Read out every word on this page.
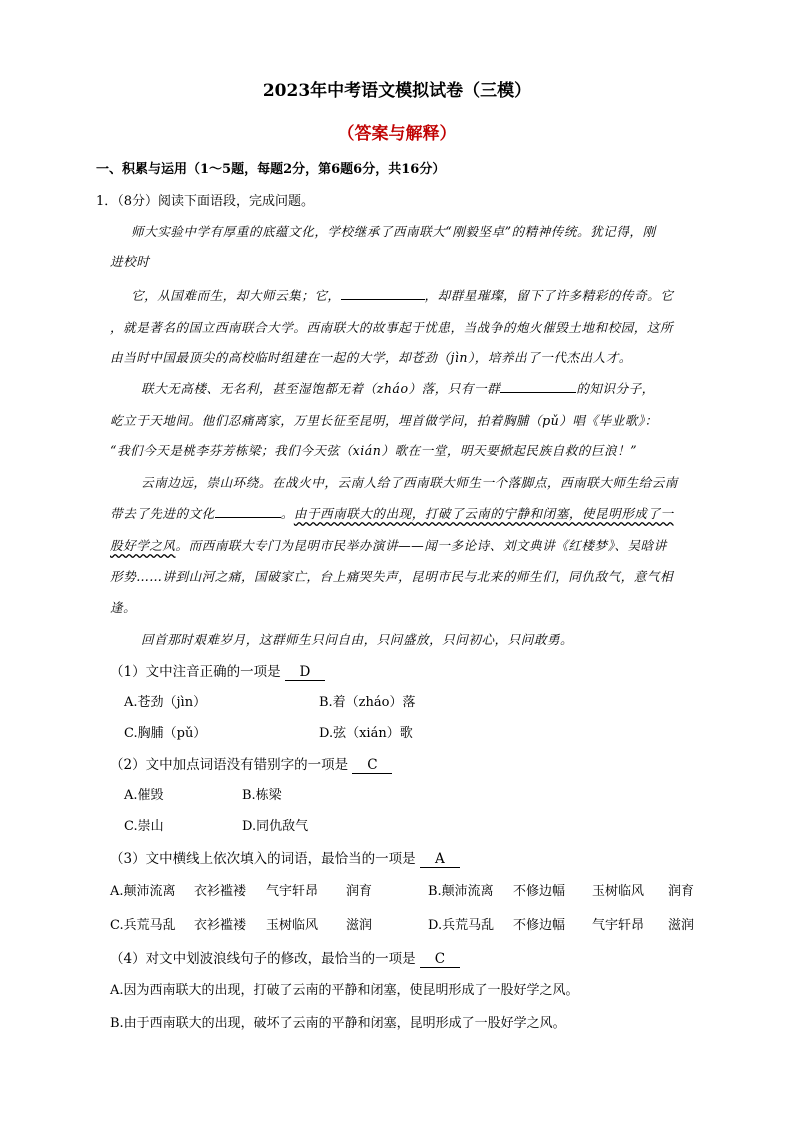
2023年中考语文模拟试卷（三模）
（答案与解释）
一、积累与运用（1～5题，每题2分，第6题6分，共16分）
1．（8分）阅读下面语段，完成问题。
师大实验中学有厚重的底蕴文化，学校继承了西南联大“刚毅坚卓”的精神传统。犹记得，刚
进校时
它，从国难而生，却大师云集；它，	，却群星璀璨，留下了许多精彩的传奇。它
，就是著名的国立西南联合大学。西南联大的故事起于忧患，当战争的炮火催毁土地和校园，这所
由当时中国最顶尖的高校临时组建在一起的大学，却苍劲（jìn），培养出了一代杰出人才。
联大无高楼、无名利，甚至湿饱都无着（zháo）落，只有一群	的知识分子，
屹立于天地间。他们忍痛离家，万里长征至昆明，埋首做学问，拍着胸脯（pǔ）唱《毕业歌》：
“我们今天是桃李芬芳栋梁；我们今天弦（xián）歌在一堂，明天要掀起民族自救的巨浪！”
云南边远，崇山环绕。在战火中，云南人给了西南联大师生一个落脚点，西南联大师生给云南
带去了先进的文化	。由于西南联大的出现，打破了云南的宁静和闭塞，使昆明形成了一
股好学之风。而西南联大专门为昆明市民举办演讲——闻一多论诗、刘文典讲《红楼梦》、吴晗讲
形势……讲到山河之痛，国破家亡，台上痛哭失声，昆明市民与北来的师生们，同仇敌气，意气相
逢。
回首那时艰难岁月，这群师生只问自由，只问盛放，只问初心，只问敢勇。
（1）文中注音正确的一项是 D
A.苍劲（jìn）	B.着（zháo）落
C.胸脯（pǔ）	D.弦（xián）歌
（2）文中加点词语没有错别字的一项是 C
A.催毁	B.栋梁
C.崇山	D.同仇敌气
（3）文中横线上依次填入的词语，最恰当的一项是 A
A.颠沛流离 衣衫褴褛 气宇轩昂 润育	B.颠沛流离 不修边幅 玉树临风 润育
C.兵荒马乱 衣衫褴褛 玉树临风 滋润	D.兵荒马乱 不修边幅 气宇轩昂 滋润
（4）对文中划波浪线句子的修改，最恰当的一项是 C
A.因为西南联大的出现，打破了云南的平静和闭塞，使昆明形成了一股好学之风。
B.由于西南联大的出现，破坏了云南的平静和闭塞，昆明形成了一股好学之风。
